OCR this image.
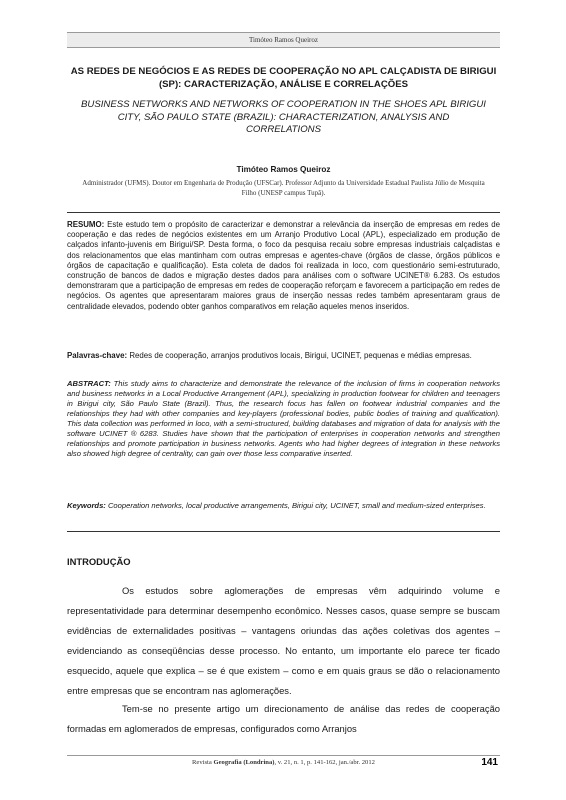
Timóteo Ramos Queiroz
AS REDES DE NEGÓCIOS E AS REDES DE COOPERAÇÃO NO APL CALÇADISTA DE BIRIGUI (SP): CARACTERIZAÇÃO, ANÁLISE E CORRELAÇÕES
BUSINESS NETWORKS AND NETWORKS OF COOPERATION IN THE SHOES APL BIRIGUI CITY, SÃO PAULO STATE (BRAZIL): CHARACTERIZATION, ANALYSIS AND CORRELATIONS
Timóteo Ramos Queiroz
Administrador (UFMS). Doutor em Engenharia de Produção (UFSCar). Professor Adjunto da Universidade Estadual Paulista Júlio de Mesquita Filho (UNESP campus Tupã).
RESUMO: Este estudo tem o propósito de caracterizar e demonstrar a relevância da inserção de empresas em redes de cooperação e das redes de negócios existentes em um Arranjo Produtivo Local (APL), especializado em produção de calçados infanto-juvenis em Birigui/SP. Desta forma, o foco da pesquisa recaiu sobre empresas industriais calçadistas e dos relacionamentos que elas mantinham com outras empresas e agentes-chave (órgãos de classe, órgãos públicos e órgãos de capacitação e qualificação). Esta coleta de dados foi realizada in loco, com questionário semi-estruturado, construção de bancos de dados e migração destes dados para análises com o software UCINET® 6.283. Os estudos demonstraram que a participação de empresas em redes de cooperação reforçam e favorecem a participação em redes de negócios. Os agentes que apresentaram maiores graus de inserção nessas redes também apresentaram graus de centralidade elevados, podendo obter ganhos comparativos em relação aqueles menos inseridos.
Palavras-chave: Redes de cooperação, arranjos produtivos locais, Birigui, UCINET, pequenas e médias empresas.
ABSTRACT: This study aims to characterize and demonstrate the relevance of the inclusion of firms in cooperation networks and business networks in a Local Productive Arrangement (APL), specializing in production footwear for children and teenagers in Birigui city, São Paulo State (Brazil). Thus, the research focus has fallen on footwear industrial companies and the relationships they had with other companies and key-players (professional bodies, public bodies of training and qualification). This data collection was performed in loco, with a semi-structured, building databases and migration of data for analysis with the software UCINET ® 6283. Studies have shown that the participation of enterprises in cooperation networks and strengthen relationships and promote participation in business networks. Agents who had higher degrees of integration in these networks also showed high degree of centrality, can gain over those less comparative inserted.
Keywords: Cooperation networks, local productive arrangements, Birigui city, UCINET, small and medium-sized enterprises.
INTRODUÇÃO
Os estudos sobre aglomerações de empresas vêm adquirindo volume e representatividade para determinar desempenho econômico. Nesses casos, quase sempre se buscam evidências de externalidades positivas – vantagens oriundas das ações coletivas dos agentes – evidenciando as conseqüências desse processo. No entanto, um importante elo parece ter ficado esquecido, aquele que explica – se é que existem – como e em quais graus se dão o relacionamento entre empresas que se encontram nas aglomerações.
Tem-se no presente artigo um direcionamento de análise das redes de cooperação formadas em aglomerados de empresas, configurados como Arranjos
Revista Geografia (Londrina), v. 21, n. 1, p. 141-162, jan./abr. 2012	141
